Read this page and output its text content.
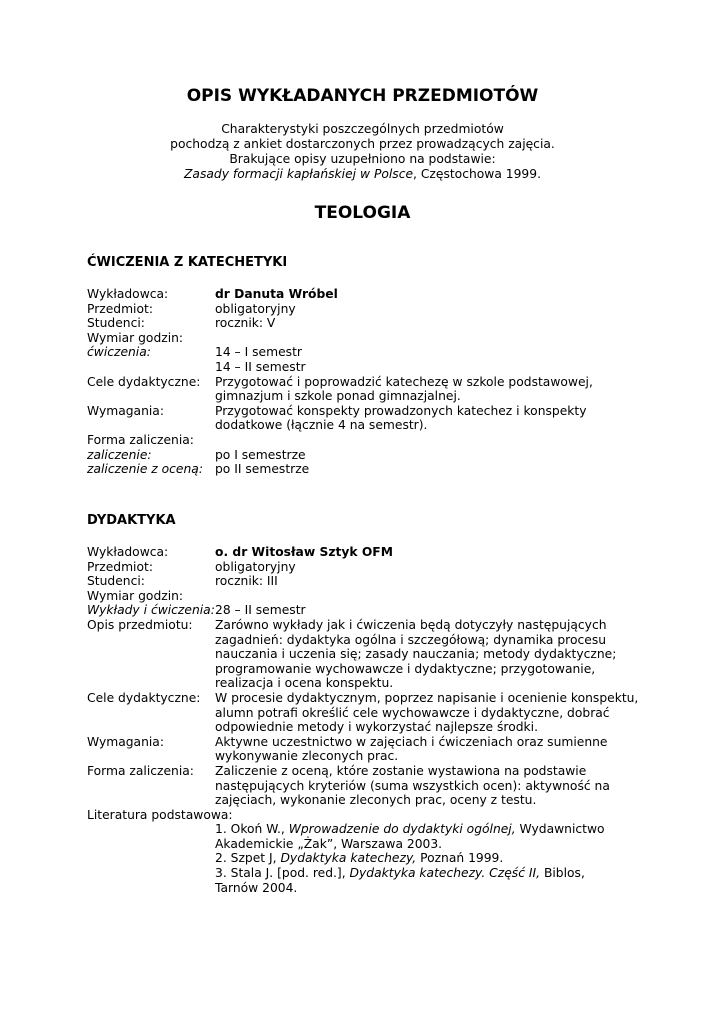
OPIS WYKŁADANYCH PRZEDMIOTÓW
Charakterystyki poszczególnych przedmiotów
pochodzą z ankiet dostarczonych przez prowadzących zajęcia.
Brakujące opisy uzupełniono na podstawie:
Zasady formacji kapłańskiej w Polsce, Częstochowa 1999.
TEOLOGIA
ĆWICZENIA Z KATECHETYKI
Wykładowca:	dr Danuta Wróbel
Przedmiot:	obligatoryjny
Studenci:	rocznik: V
Wymiar godzin:

ćwiczenia:	14 – I semestr
14 – II semestr
Cele dydaktyczne: Przygotować i poprowadzić katechezę w szkole podstawowej,
gimnazjum i szkole ponad gimnazjalnej.
Wymagania:	Przygotować konspekty prowadzonych katechez i konspekty
dodatkowe (łącznie 4 na semestr).
Forma zaliczenia:

zaliczenie:	po I semestrze
zaliczenie z oceną: po II semestrze
DYDAKTYKA
Wykładowca:	o. dr Witosław Sztyk OFM
Przedmiot:	obligatoryjny
Studenci:	rocznik: III
Wymiar godzin:

Wykłady i ćwiczenia: 28 – II semestr
Opis przedmiotu: Zarówno wykłady jak i ćwiczenia będą dotyczyły następujących
zagadnień: dydaktyka ogólna i szczegółową; dynamika procesu
nauczania i uczenia się; zasady nauczania; metody dydaktyczne;
programowanie wychowawcze i dydaktyczne; przygotowanie,
realizacja i ocena konspektu.
Cele dydaktyczne: W procesie dydaktycznym, poprzez napisanie i ocenienie konspektu,
alumn potrafi określić cele wychowawcze i dydaktyczne, dobrać
odpowiednie metody i wykorzystać najlepsze środki.
Wymagania:	Aktywne uczestnictwo w zajęciach i ćwiczeniach oraz sumienne
wykonywanie zleconych prac.
Forma zaliczenia: Zaliczenie z oceną, które zostanie wystawiona na podstawie
następujących kryteriów (suma wszystkich ocen): aktywność na
zajęciach, wykonanie zleconych prac, oceny z testu.
Literatura podstawowa:
1. Okoń W., Wprowadzenie do dydaktyki ogólnej, Wydawnictwo
Akademickie „Żak”, Warszawa 2003.
2. Szpet J, Dydaktyka katechezy, Poznań 1999.
3. Stala J. [pod. red.], Dydaktyka katechezy. Część II, Biblos,
Tarnów 2004.
